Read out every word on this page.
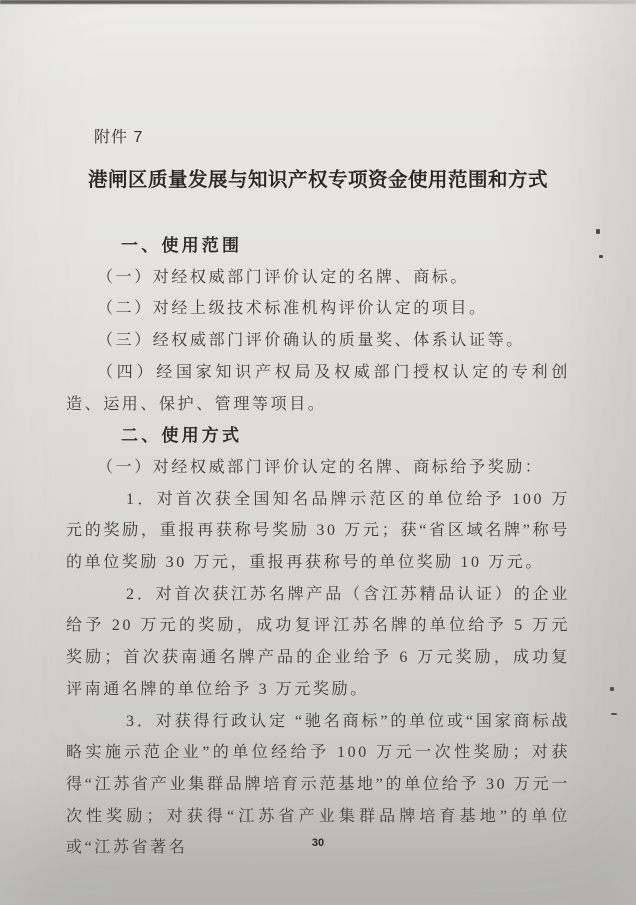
附件 7
港闸区质量发展与知识产权专项资金使用范围和方式
一、使用范围

（一）对经权威部门评价认定的名牌、商标。

（二）对经上级技术标准机构评价认定的项目。

（三）经权威部门评价确认的质量奖、体系认证等。

（四）经国家知识产权局及权威部门授权认定的专利创造、运用、保护、管理等项目。

二、使用方式

（一）对经权威部门评价认定的名牌、商标给予奖励：

1．对首次获全国知名品牌示范区的单位给予 100 万元的奖励，重报再获称号奖励 30 万元；获“省区域名牌”称号的单位奖励 30 万元，重报再获称号的单位奖励 10 万元。

2．对首次获江苏名牌产品（含江苏精品认证）的企业给予 20 万元的奖励，成功复评江苏名牌的单位给予 5 万元奖励；首次获南通名牌产品的企业给予 6 万元奖励，成功复评南通名牌的单位给予 3 万元奖励。

3．对获得行政认定 “驰名商标”的单位或“国家商标战略实施示范企业”的单位经给予 100 万元一次性奖励；对获得“江苏省产业集群品牌培育示范基地”的单位给予 30 万元一次性奖励；对获得“江苏省产业集群品牌培育基地”的单位或“江苏省著名	30
